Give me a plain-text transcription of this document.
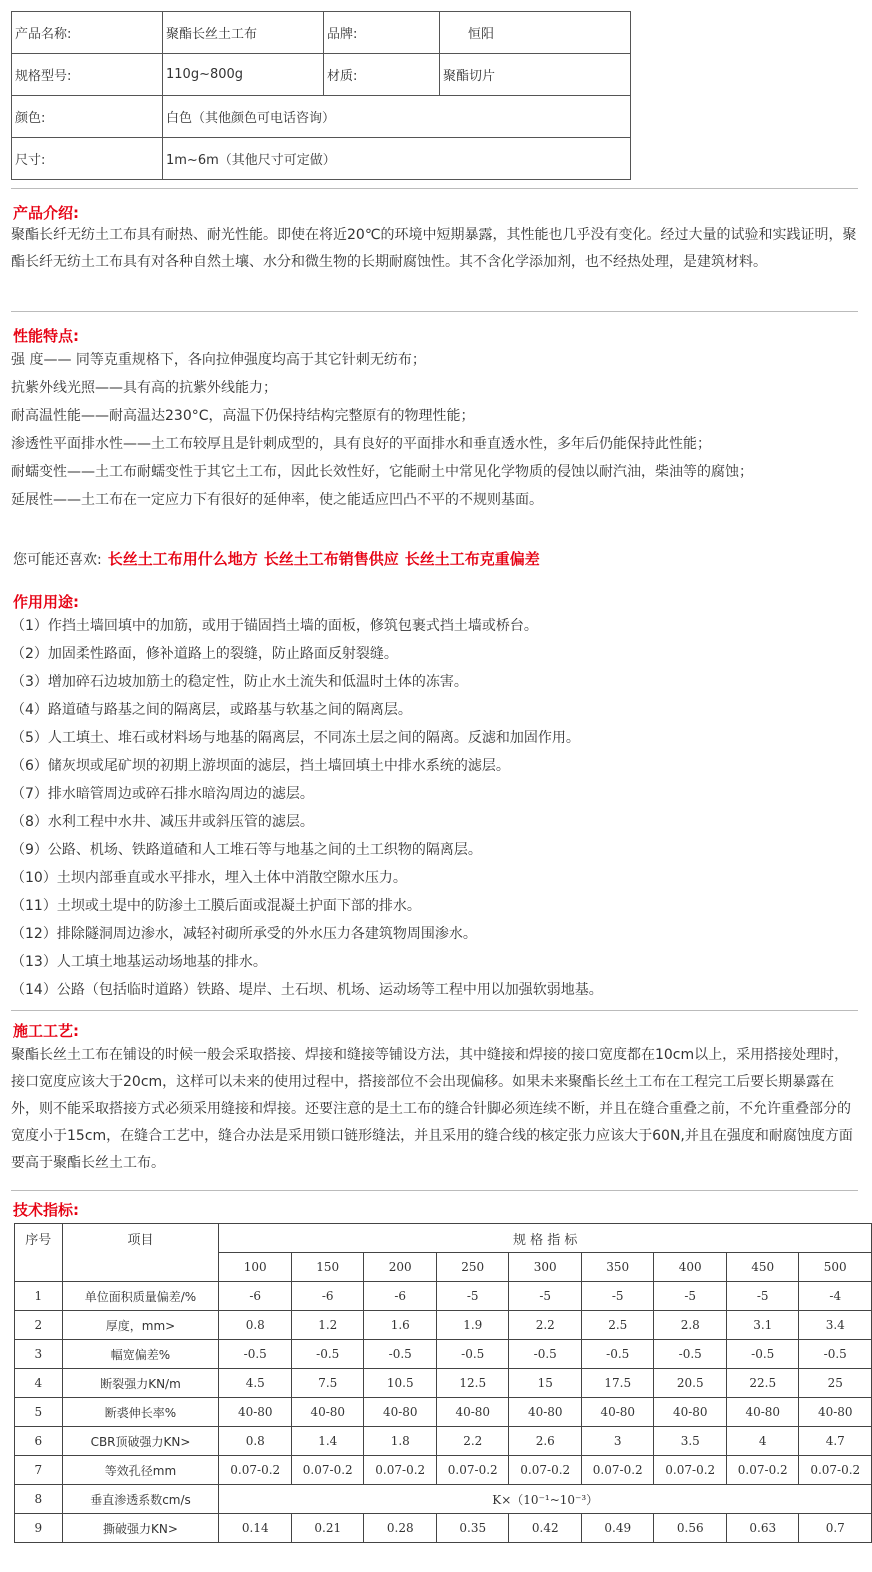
产品名称:	聚酯长丝土工布	品牌:	恒阳
规格型号:	110g~800g	材质:	聚酯切片
颜色:	白色（其他颜色可电话咨询）		
尺寸:	1m~6m（其他尺寸可定做）		
产品介绍:

聚酯长纤无纺土工布具有耐热、耐光性能。即使在将近20℃的环境中短期暴露，其性能也几乎没有变化。经过大量的试验和实践证明，聚酯长纤无纺土工布具有对各种自然土壤、水分和微生物的长期耐腐蚀性。其不含化学添加剂，也不经热处理，是建筑材料。

性能特点:
强 度—— 同等克重规格下，各向拉伸强度均高于其它针刺无纺布；
抗紫外线光照——具有高的抗紫外线能力；
耐高温性能——耐高温达230°C，高温下仍保持结构完整原有的物理性能；
渗透性平面排水性——土工布较厚且是针刺成型的，具有良好的平面排水和垂直透水性，多年后仍能保持此性能；
耐蠕变性——土工布耐蠕变性于其它土工布，因此长效性好，它能耐土中常见化学物质的侵蚀以耐汽油，柴油等的腐蚀；
延展性——土工布在一定应力下有很好的延伸率，使之能适应凹凸不平的不规则基面。
您可能还喜欢: 长丝土工布用什么地方 长丝土工布销售供应 长丝土工布克重偏差
作用用途:
（1）作挡土墙回填中的加筋，或用于锚固挡土墙的面板，修筑包裹式挡土墙或桥台。
（2）加固柔性路面，修补道路上的裂缝，防止路面反射裂缝。
（3）增加碎石边坡加筋土的稳定性，防止水土流失和低温时土体的冻害。
（4）路道碴与路基之间的隔离层，或路基与软基之间的隔离层。
（5）人工填土、堆石或材料场与地基的隔离层，不同冻土层之间的隔离。反滤和加固作用。
（6）储灰坝或尾矿坝的初期上游坝面的滤层，挡土墙回填土中排水系统的滤层。
（7）排水暗管周边或碎石排水暗沟周边的滤层。
（8）水利工程中水井、减压井或斜压管的滤层。
（9）公路、机场、铁路道碴和人工堆石等与地基之间的土工织物的隔离层。
（10）土坝内部垂直或水平排水，埋入土体中消散空隙水压力。
（11）土坝或土堤中的防渗土工膜后面或混凝土护面下部的排水。
（12）排除隧洞周边渗水，减轻衬砌所承受的外水压力各建筑物周围渗水。
（13）人工填土地基运动场地基的排水。
（14）公路（包括临时道路）铁路、堤岸、土石坝、机场、运动场等工程中用以加强软弱地基。
施工工艺:

聚酯长丝土工布在铺设的时候一般会采取搭接、焊接和缝接等铺设方法，其中缝接和焊接的接口宽度都在10cm以上，采用搭接处理时，接口宽度应该大于20cm，这样可以未来的使用过程中，搭接部位不会出现偏移。如果未来聚酯长丝土工布在工程完工后要长期暴露在外，则不能采取搭接方式必须采用缝接和焊接。还要注意的是土工布的缝合针脚必须连续不断，并且在缝合重叠之前，不允许重叠部分的宽度小于15cm，在缝合工艺中，缝合办法是采用锁口链形缝法，并且采用的缝合线的核定张力应该大于60N,并且在强度和耐腐蚀度方面要高于聚酯长丝土工布。

技术指标:
序号	项目	规 格 指 标								
		100	150	200	250	300	350	400	450	500
1	单位面积质量偏差/%	-6	-6	-6	-5	-5	-5	-5	-5	-4
2	厚度，mm>	0.8	1.2	1.6	1.9	2.2	2.5	2.8	3.1	3.4
3	幅宽偏差%	-0.5	-0.5	-0.5	-0.5	-0.5	-0.5	-0.5	-0.5	-0.5
4	断裂强力KN/m	4.5	7.5	10.5	12.5	15	17.5	20.5	22.5	25
5	断裘伸长率%	40-80	40-80	40-80	40-80	40-80	40-80	40-80	40-80	40-80
6	CBR顶破强力KN>	0.8	1.4	1.8	2.2	2.6	3	3.5	4	4.7
7	等效孔径mm	0.07-0.2	0.07-0.2	0.07-0.2	0.07-0.2	0.07-0.2	0.07-0.2	0.07-0.2	0.07-0.2	0.07-0.2
8	垂直渗透系数cm/s	K×（10⁻¹~10⁻³）								
9	撕破强力KN>	0.14	0.21	0.28	0.35	0.42	0.49	0.56	0.63	0.7
